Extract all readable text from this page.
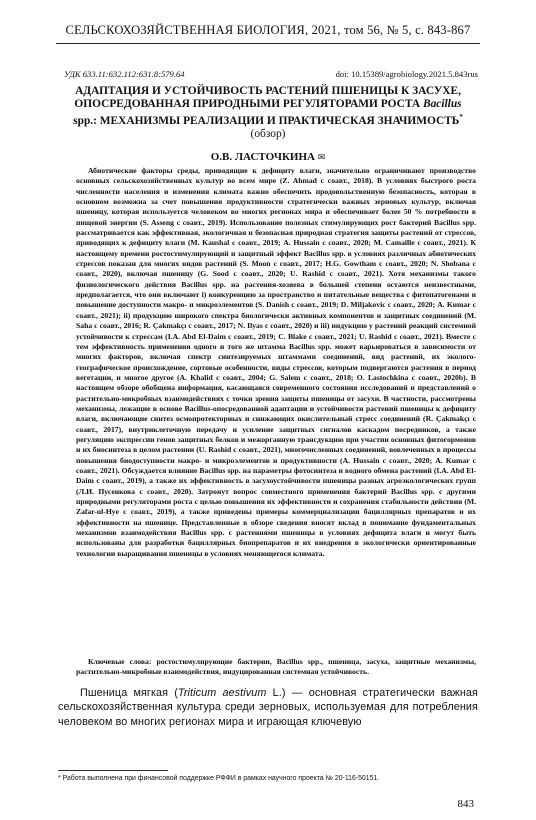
СЕЛЬСКОХОЗЯЙСТВЕННАЯ БИОЛОГИЯ, 2021, том 56, № 5, с. 843-867
УДК 633.11:632.112:631.8:579.64	doi: 10.15389/agrobiology.2021.5.843rus
АДАПТАЦИЯ И УСТОЙЧИВОСТЬ РАСТЕНИЙ ПШЕНИЦЫ К ЗАСУХЕ,
ОПОСРЕДОВАННАЯ ПРИРОДНЫМИ РЕГУЛЯТОРАМИ РОСТА Bacillus
spp.: МЕХАНИЗМЫ РЕАЛИЗАЦИИ И ПРАКТИЧЕСКАЯ ЗНАЧИМОСТЬ*
(обзор)
О.В. ЛАСТОЧКИНА ✉

Абиотические факторы среды, приводящие к дефициту влаги, значительно ограничивают производство основных сельскохозяйственных культур во всем мире (Z. Ahmad с соавт., 2018). В условиях быстрого роста численности населения и изменения климата важно обеспечить продовольственную безопасность, которая в основном возможна за счет повышения продуктивности стратегически важных зерновых культур, включая пшеницу, которая используется человеком во многих регионах мира и обеспечивает более 50 % потребности в пищевой энергии (S. Asseng с соавт., 2019). Использование полезных стимулирующих рост бактерий Bacillus spp. рассматривается как эффективная, экологичная и безопасная природная стратегия защиты растений от стрессов, приводящих к дефициту влаги (M. Kaushal с соавт., 2019; A. Hussain с соавт., 2020; M. Camaille с соавт., 2021). К настоящему времени ростостимулирующий и защитный эффект Bacillus spp. в условиях различных абиотических стрессов показан для многих видов растений (S. Moon с соавт., 2017; H.G. Gowtham с соавт., 2020; N. Shobana с соавт., 2020), включая пшеницу (G. Sood с соавт., 2020; U. Rashid с соавт., 2021). Хотя механизмы такого физиологического действия Bacillus spp. на растения-хозяева в большей степени остаются неизвестными, предполагается, что они включают i) конкуренцию за пространство и питательные вещества с фитопатогенами и повышение доступности макро- и микроэлементов (S. Danish с соавт., 2019; D. Miljakovic с соавт., 2020; A. Kumar с соавт., 2021); ii) продукцию широкого спектра биологически активных компонентов и защитных соединений (M. Saha с соавт., 2016; R. Çakmakçı с соавт., 2017; N. Ilyas с соавт., 2020) и iii) индукцию у растений реакций системной устойчивости к стрессам (I.A. Abd El-Daim с соавт., 2019; C. Blake с соавт., 2021; U. Rashid с соавт., 2021). Вместе с тем эффективность применения одного и того же штамма Bacillus spp. может варьироваться в зависимости от многих факторов, включая спектр синтезируемых штаммами соединений, вид растений, их эколого-географическое происхождение, сортовые особенности, виды стрессов, которым подвергаются растения в период вегетации, и многое другое (A. Khalid с соавт., 2004; G. Salem с соавт., 2018; O. Lastochkina с соавт., 2020b). В настоящем обзоре обобщена информация, касающаяся современного состояния исследований и представлений о растительно-микробных взаимодействиях с точки зрения защиты пшеницы от засухи. В частности, рассмотрены механизмы, лежащие в основе Bacillus-опосредованной адаптации и устойчивости растений пшеницы к дефициту влаги, включающие синтез осмопротекторных и снижающих окислительный стресс соединений (R. Çakmakçı с соавт., 2017), внутриклеточную передачу и усиление защитных сигналов каскадом посредников, а также регуляцию экспрессии генов защитных белков и межорганную трансдукцию при участии основных фитогормонов и их биосинтеза в целом растении (U. Rashid с соавт., 2021), многочисленных соединений, вовлеченных в процессы повышения биодоступности макро- и микроэлементов и продуктивности (A. Hussain с соавт., 2020; A. Kumar с соавт., 2021). Обсуждается влияние Bacillus spp. на параметры фотосинтеза и водного обмена растений (I.A. Abd El-Daim с соавт., 2019), а также их эффективность в засухоустойчивости пшеницы разных агроэкологических групп (Л.И. Пусенкова с соавт., 2020). Затронут вопрос совместного применения бактерий Bacillus spp. с другими природными регуляторами роста с целью повышения их эффективности и сохранения стабильности действия (M. Zafar-ul-Hye с соавт., 2019), а также приведены примеры коммерциализации бациллярных препаратов и их эффективности на пшенице. Представленные в обзоре сведения вносят вклад в понимание фундаментальных механизмов взаимодействия Bacillus spp. с растениями пшеницы в условиях дефицита влаги и могут быть использованы для разработки бациллярных биопрепаратов и их внедрения в экологически ориентированные технологии выращивания пшеницы в условиях меняющегося климата.

Ключевые слова: ростостимулирующие бактерии, Bacillus spp., пшеница, засуха, защитные механизмы, растительно-микробные взаимодействия, индуцированная системная устойчивость.

Пшеница мягкая (Triticum aestivum L.) — основная стратегически важная сельскохозяйственная культура среди зерновых, используемая для потребления человеком во многих регионах мира и играющая ключевую

* Работа выполнена при финансовой поддержке РФФИ в рамках научного проекта № 20-116-50151.
843
